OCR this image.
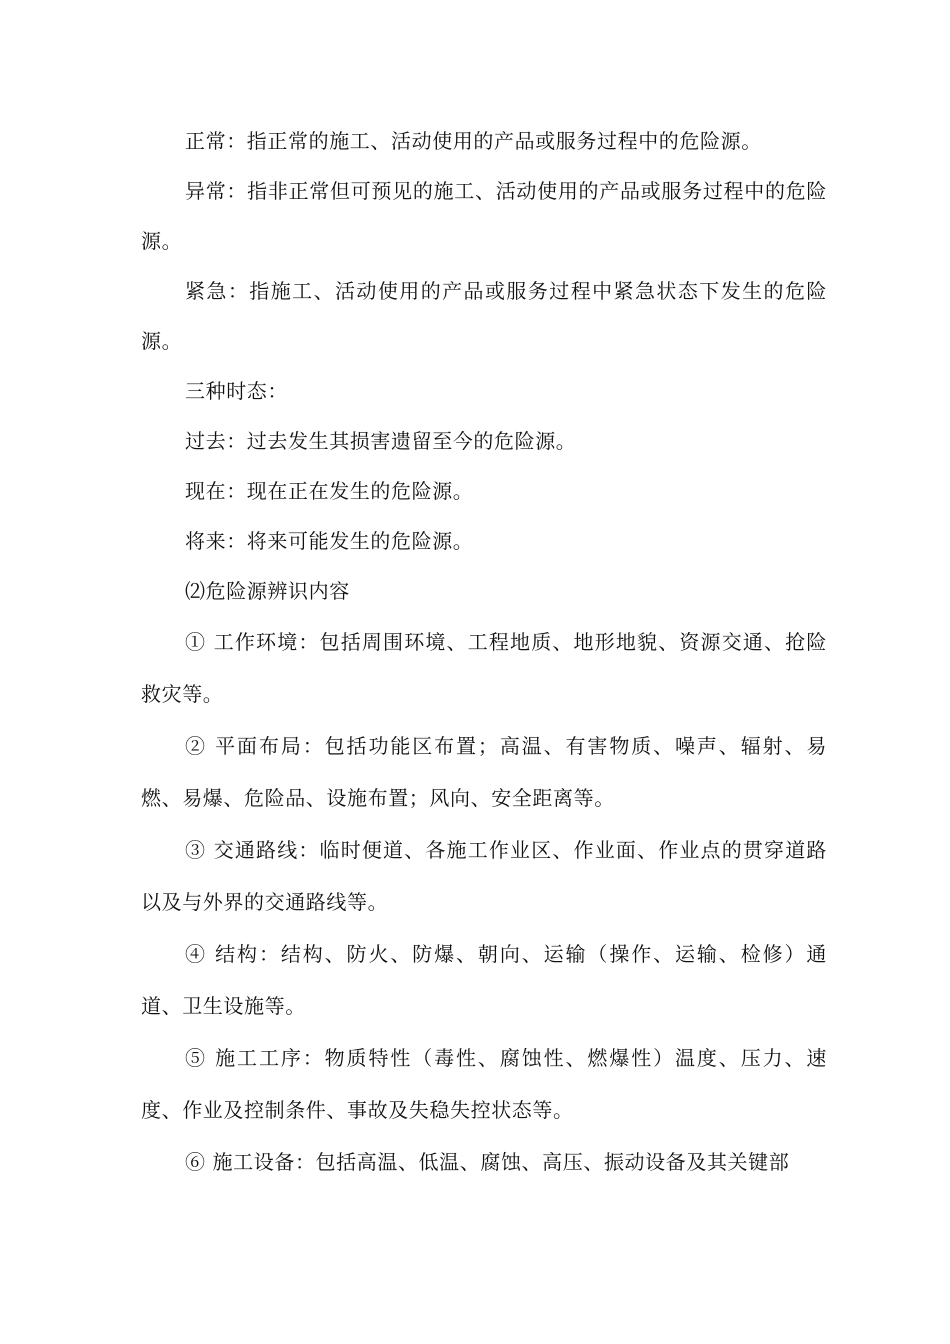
正常：指正常的施工、活动使用的产品或服务过程中的危险源。

异常：指非正常但可预见的施工、活动使用的产品或服务过程中的危险源。

紧急：指施工、活动使用的产品或服务过程中紧急状态下发生的危险源。

三种时态：

过去：过去发生其损害遗留至今的危险源。

现在：现在正在发生的危险源。

将来：将来可能发生的危险源。

⑵危险源辨识内容

① 工作环境：包括周围环境、工程地质、地形地貌、资源交通、抢险救灾等。

② 平面布局：包括功能区布置；高温、有害物质、噪声、辐射、易燃、易爆、危险品、设施布置；风向、安全距离等。

③ 交通路线：临时便道、各施工作业区、作业面、作业点的贯穿道路以及与外界的交通路线等。

④ 结构：结构、防火、防爆、朝向、运输（操作、运输、检修）通道、卫生设施等。

⑤ 施工工序：物质特性（毒性、腐蚀性、燃爆性）温度、压力、速度、作业及控制条件、事故及失稳失控状态等。

⑥ 施工设备：包括高温、低温、腐蚀、高压、振动设备及其关键部
